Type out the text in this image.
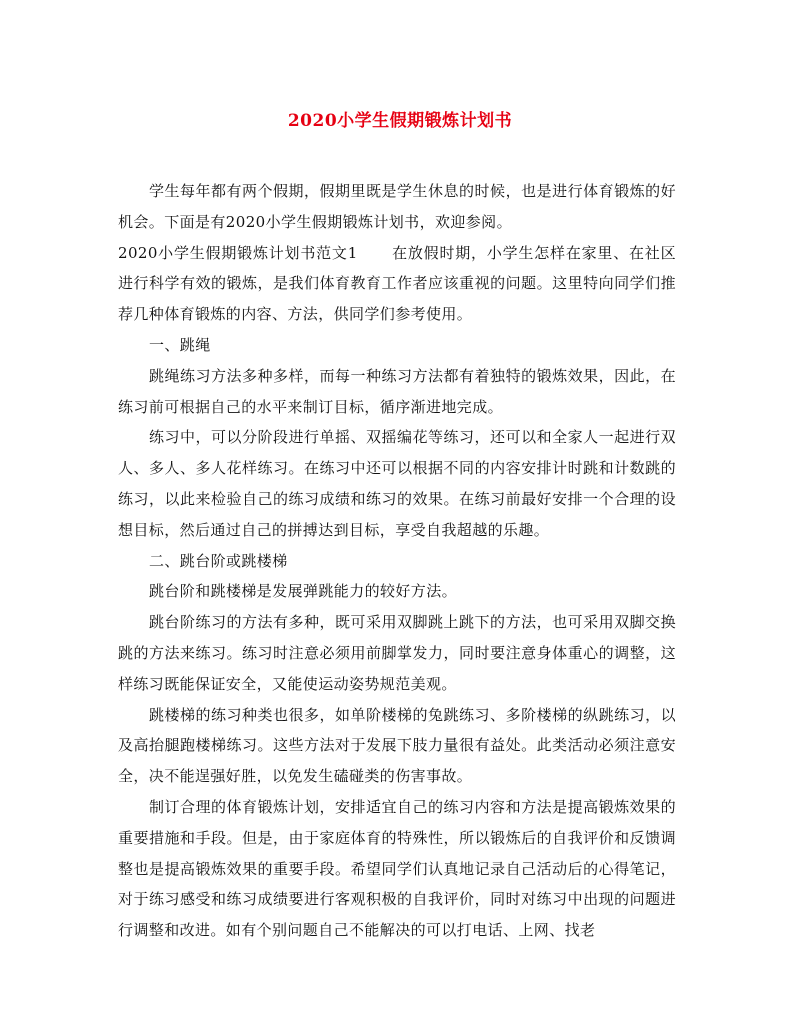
2020小学生假期锻炼计划书

学生每年都有两个假期，假期里既是学生休息的时候，也是进行体育锻炼的好机会。下面是有2020小学生假期锻炼计划书，欢迎参阅。

2020小学生假期锻炼计划书范文1 在放假时期，小学生怎样在家里、在社区进行科学有效的锻炼，是我们体育教育工作者应该重视的问题。这里特向同学们推荐几种体育锻炼的内容、方法，供同学们参考使用。

一、跳绳

跳绳练习方法多种多样，而每一种练习方法都有着独特的锻炼效果，因此，在练习前可根据自己的水平来制订目标，循序渐进地完成。

练习中，可以分阶段进行单摇、双摇编花等练习，还可以和全家人一起进行双人、多人、多人花样练习。在练习中还可以根据不同的内容安排计时跳和计数跳的练习，以此来检验自己的练习成绩和练习的效果。在练习前最好安排一个合理的设想目标，然后通过自己的拼搏达到目标，享受自我超越的乐趣。

二、跳台阶或跳楼梯

跳台阶和跳楼梯是发展弹跳能力的较好方法。

跳台阶练习的方法有多种，既可采用双脚跳上跳下的方法，也可采用双脚交换跳的方法来练习。练习时注意必须用前脚掌发力，同时要注意身体重心的调整，这样练习既能保证安全，又能使运动姿势规范美观。

跳楼梯的练习种类也很多，如单阶楼梯的兔跳练习、多阶楼梯的纵跳练习，以及高抬腿跑楼梯练习。这些方法对于发展下肢力量很有益处。此类活动必须注意安全，决不能逞强好胜，以免发生磕碰类的伤害事故。

制订合理的体育锻炼计划，安排适宜自己的练习内容和方法是提高锻炼效果的重要措施和手段。但是，由于家庭体育的特殊性，所以锻炼后的自我评价和反馈调整也是提高锻炼效果的重要手段。希望同学们认真地记录自己活动后的心得笔记，对于练习感受和练习成绩要进行客观积极的自我评价，同时对练习中出现的问题进行调整和改进。如有个别问题自己不能解决的可以打电话、上网、找老
